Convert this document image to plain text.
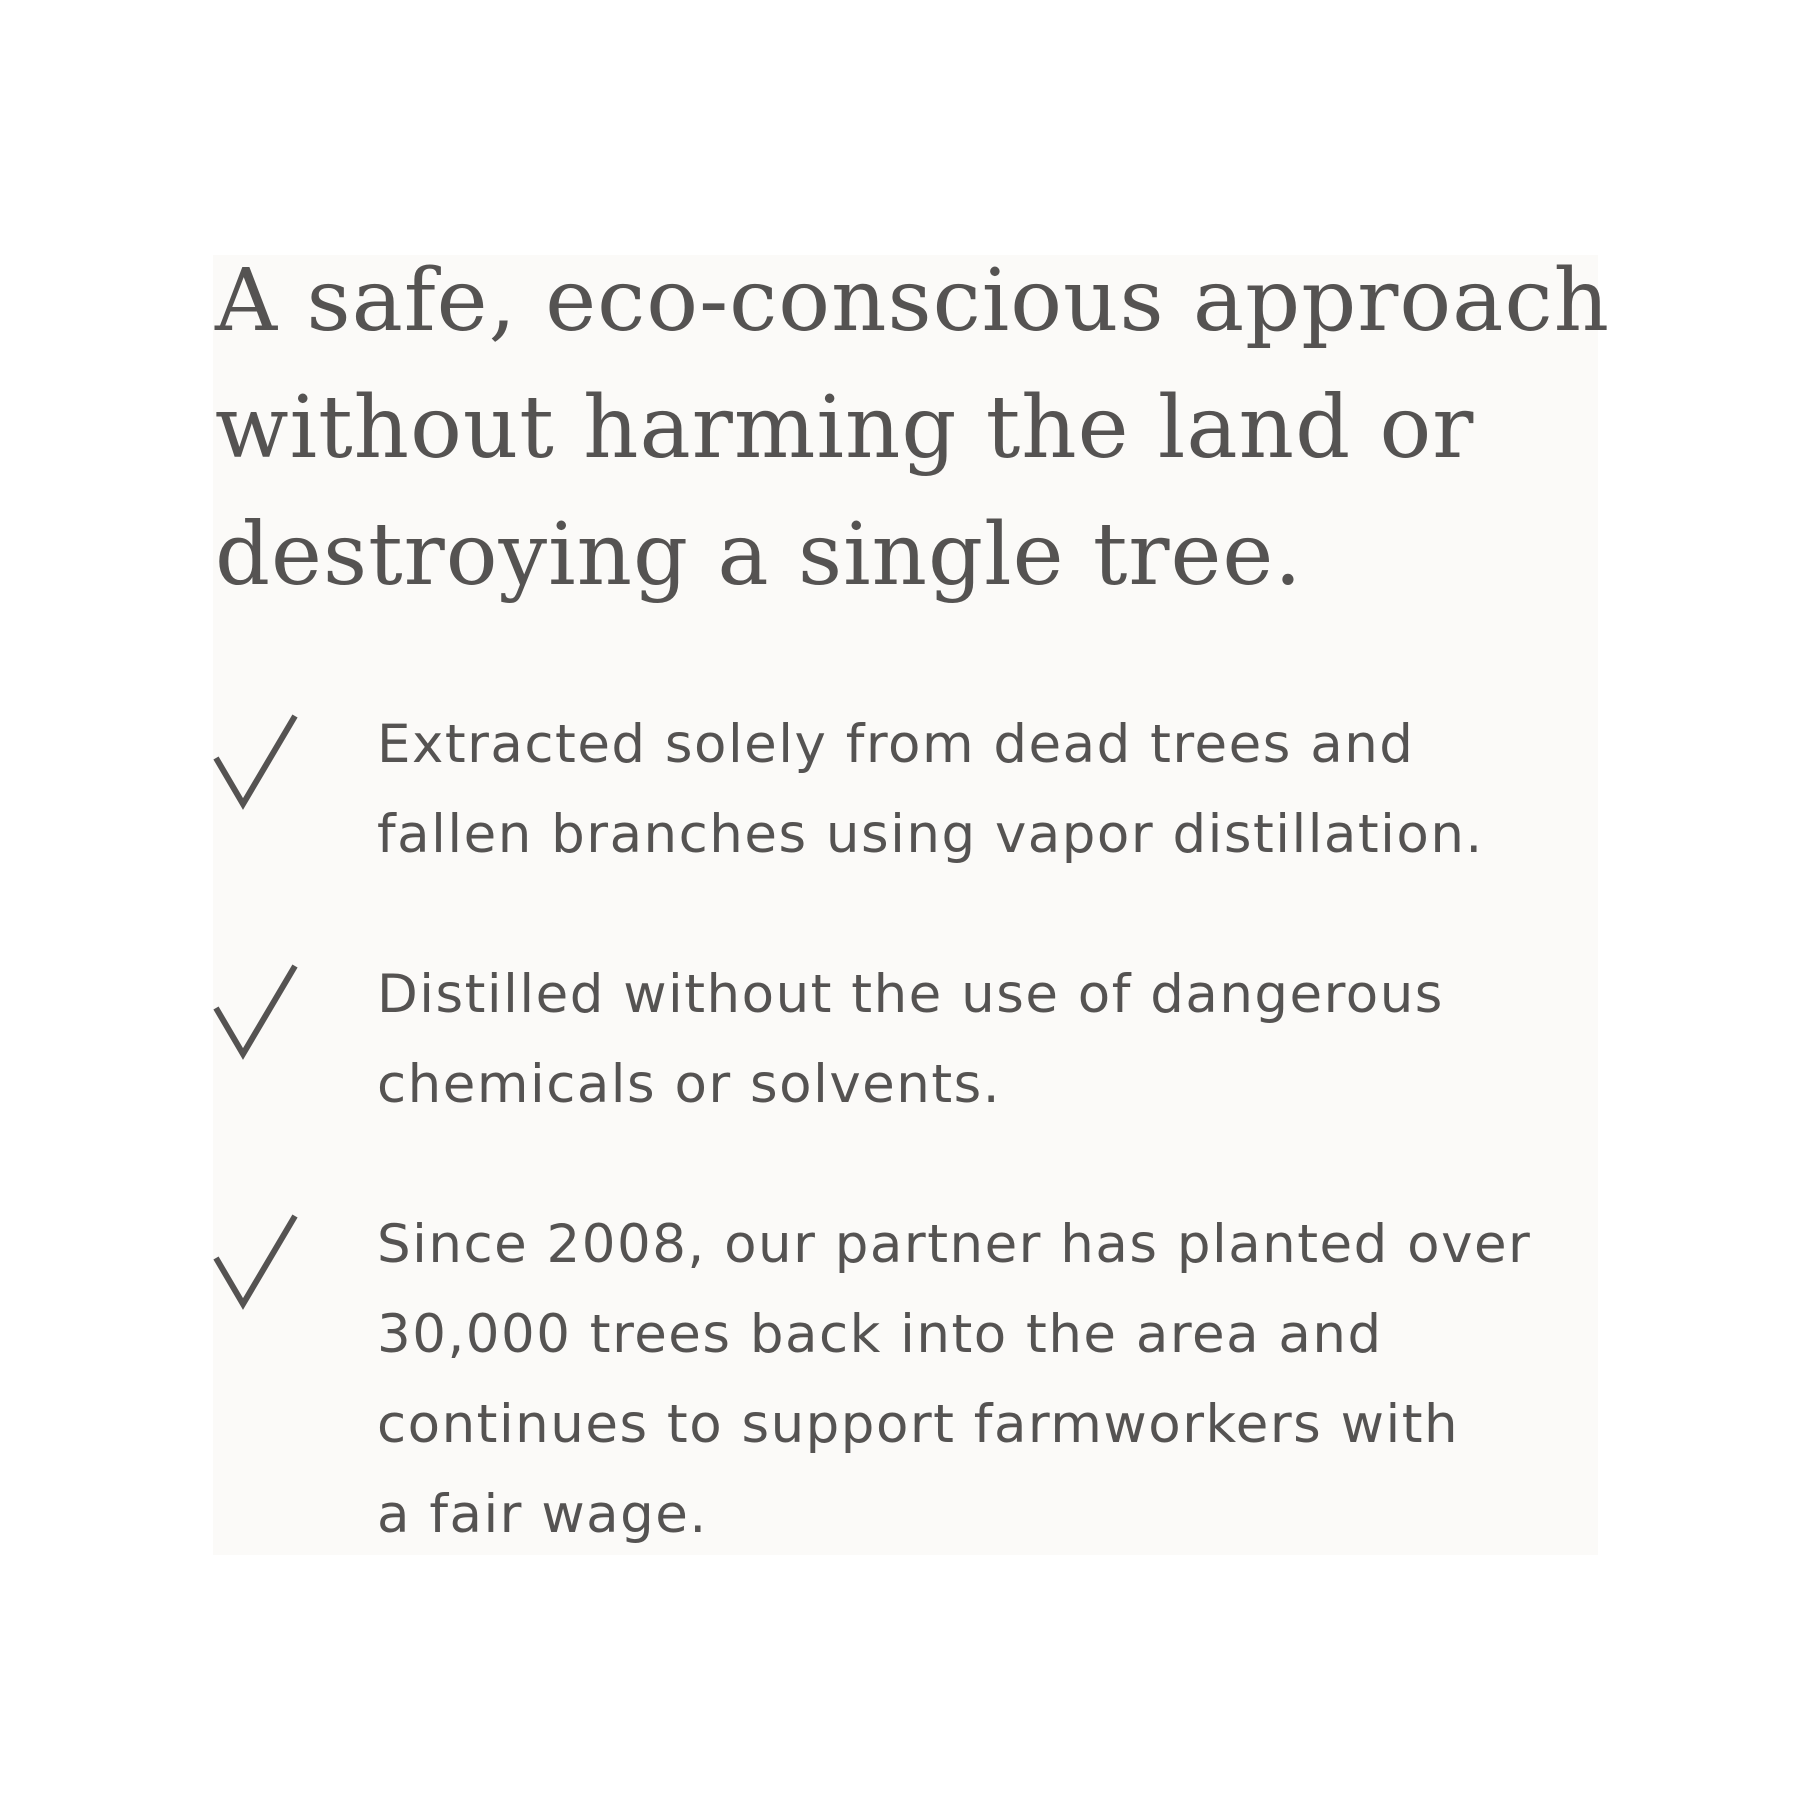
A safe, eco-conscious approach
without harming the land or
destroying a single tree.
Extracted solely from dead trees and
fallen branches using vapor distillation.
Distilled without the use of dangerous
chemicals or solvents.
Since 2008, our partner has planted over
30,000 trees back into the area and
continues to support farmworkers with
a fair wage.
